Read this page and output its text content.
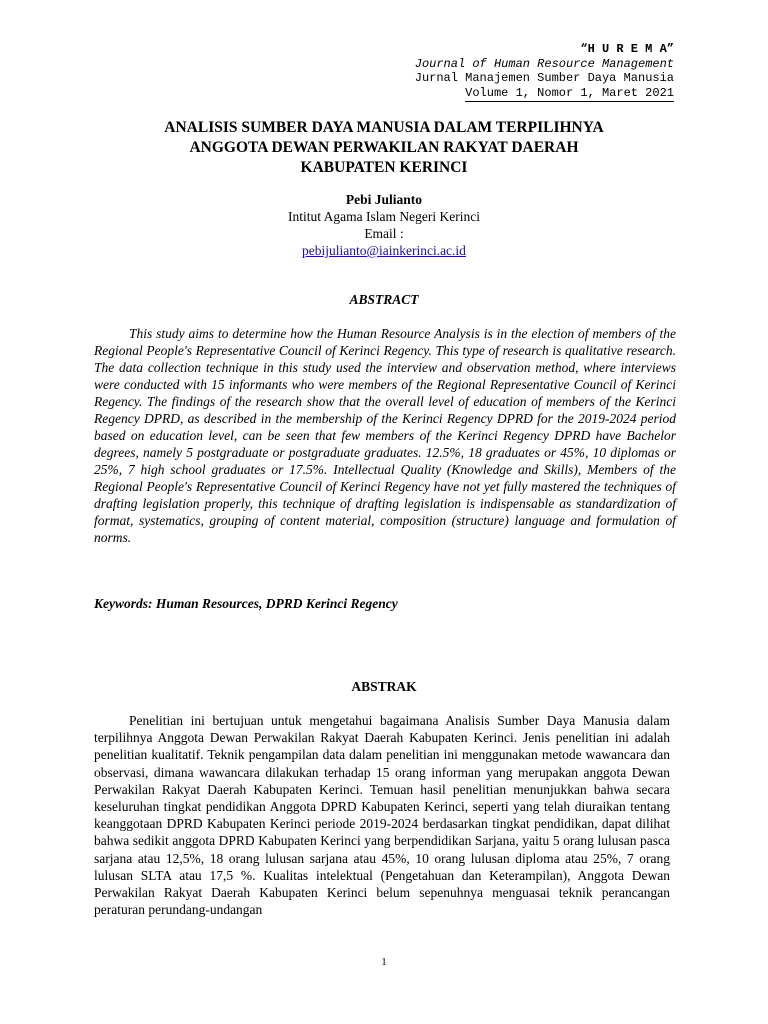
“H U R E M A”
Journal of Human Resource Management
Jurnal Manajemen Sumber Daya Manusia
Volume 1, Nomor 1, Maret 2021
ANALISIS SUMBER DAYA MANUSIA DALAM TERPILIHNYA
ANGGOTA DEWAN PERWAKILAN RAKYAT DAERAH
KABUPATEN KERINCI
Pebi Julianto
Intitut Agama Islam Negeri Kerinci
Email :
pebijulianto@iainkerinci.ac.id
ABSTRACT

This study aims to determine how the Human Resource Analysis is in the election of members of the Regional People's Representative Council of Kerinci Regency. This type of research is qualitative research. The data collection technique in this study used the interview and observation method, where interviews were conducted with 15 informants who were members of the Regional Representative Council of Kerinci Regency. The findings of the research show that the overall level of education of members of the Kerinci Regency DPRD, as described in the membership of the Kerinci Regency DPRD for the 2019-2024 period based on education level, can be seen that few members of the Kerinci Regency DPRD have Bachelor degrees, namely 5 postgraduate or postgraduate graduates. 12.5%, 18 graduates or 45%, 10 diplomas or 25%, 7 high school graduates or 17.5%. Intellectual Quality (Knowledge and Skills), Members of the Regional People's Representative Council of Kerinci Regency have not yet fully mastered the techniques of drafting legislation properly, this technique of drafting legislation is indispensable as standardization of format, systematics, grouping of content material, composition (structure) language and formulation of norms.

Keywords: Human Resources, DPRD Kerinci Regency

ABSTRAK

Penelitian ini bertujuan untuk mengetahui bagaimana Analisis Sumber Daya Manusia dalam terpilihnya Anggota Dewan Perwakilan Rakyat Daerah Kabupaten Kerinci. Jenis penelitian ini adalah penelitian kualitatif. Teknik pengampilan data dalam penelitian ini menggunakan metode wawancara dan observasi, dimana wawancara dilakukan terhadap 15 orang informan yang merupakan anggota Dewan Perwakilan Rakyat Daerah Kabupaten Kerinci. Temuan hasil penelitian menunjukkan bahwa secara keseluruhan tingkat pendidikan Anggota DPRD Kabupaten Kerinci, seperti yang telah diuraikan tentang keanggotaan DPRD Kabupaten Kerinci periode 2019-2024 berdasarkan tingkat pendidikan, dapat dilihat bahwa sedikit anggota DPRD Kabupaten Kerinci yang berpendidikan Sarjana, yaitu 5 orang lulusan pasca sarjana atau 12,5%, 18 orang lulusan sarjana atau 45%, 10 orang lulusan diploma atau 25%, 7 orang lulusan SLTA atau 17,5 %. Kualitas intelektual (Pengetahuan dan Keterampilan), Anggota Dewan Perwakilan Rakyat Daerah Kabupaten Kerinci belum sepenuhnya menguasai teknik perancangan peraturan perundang-undangan

1
